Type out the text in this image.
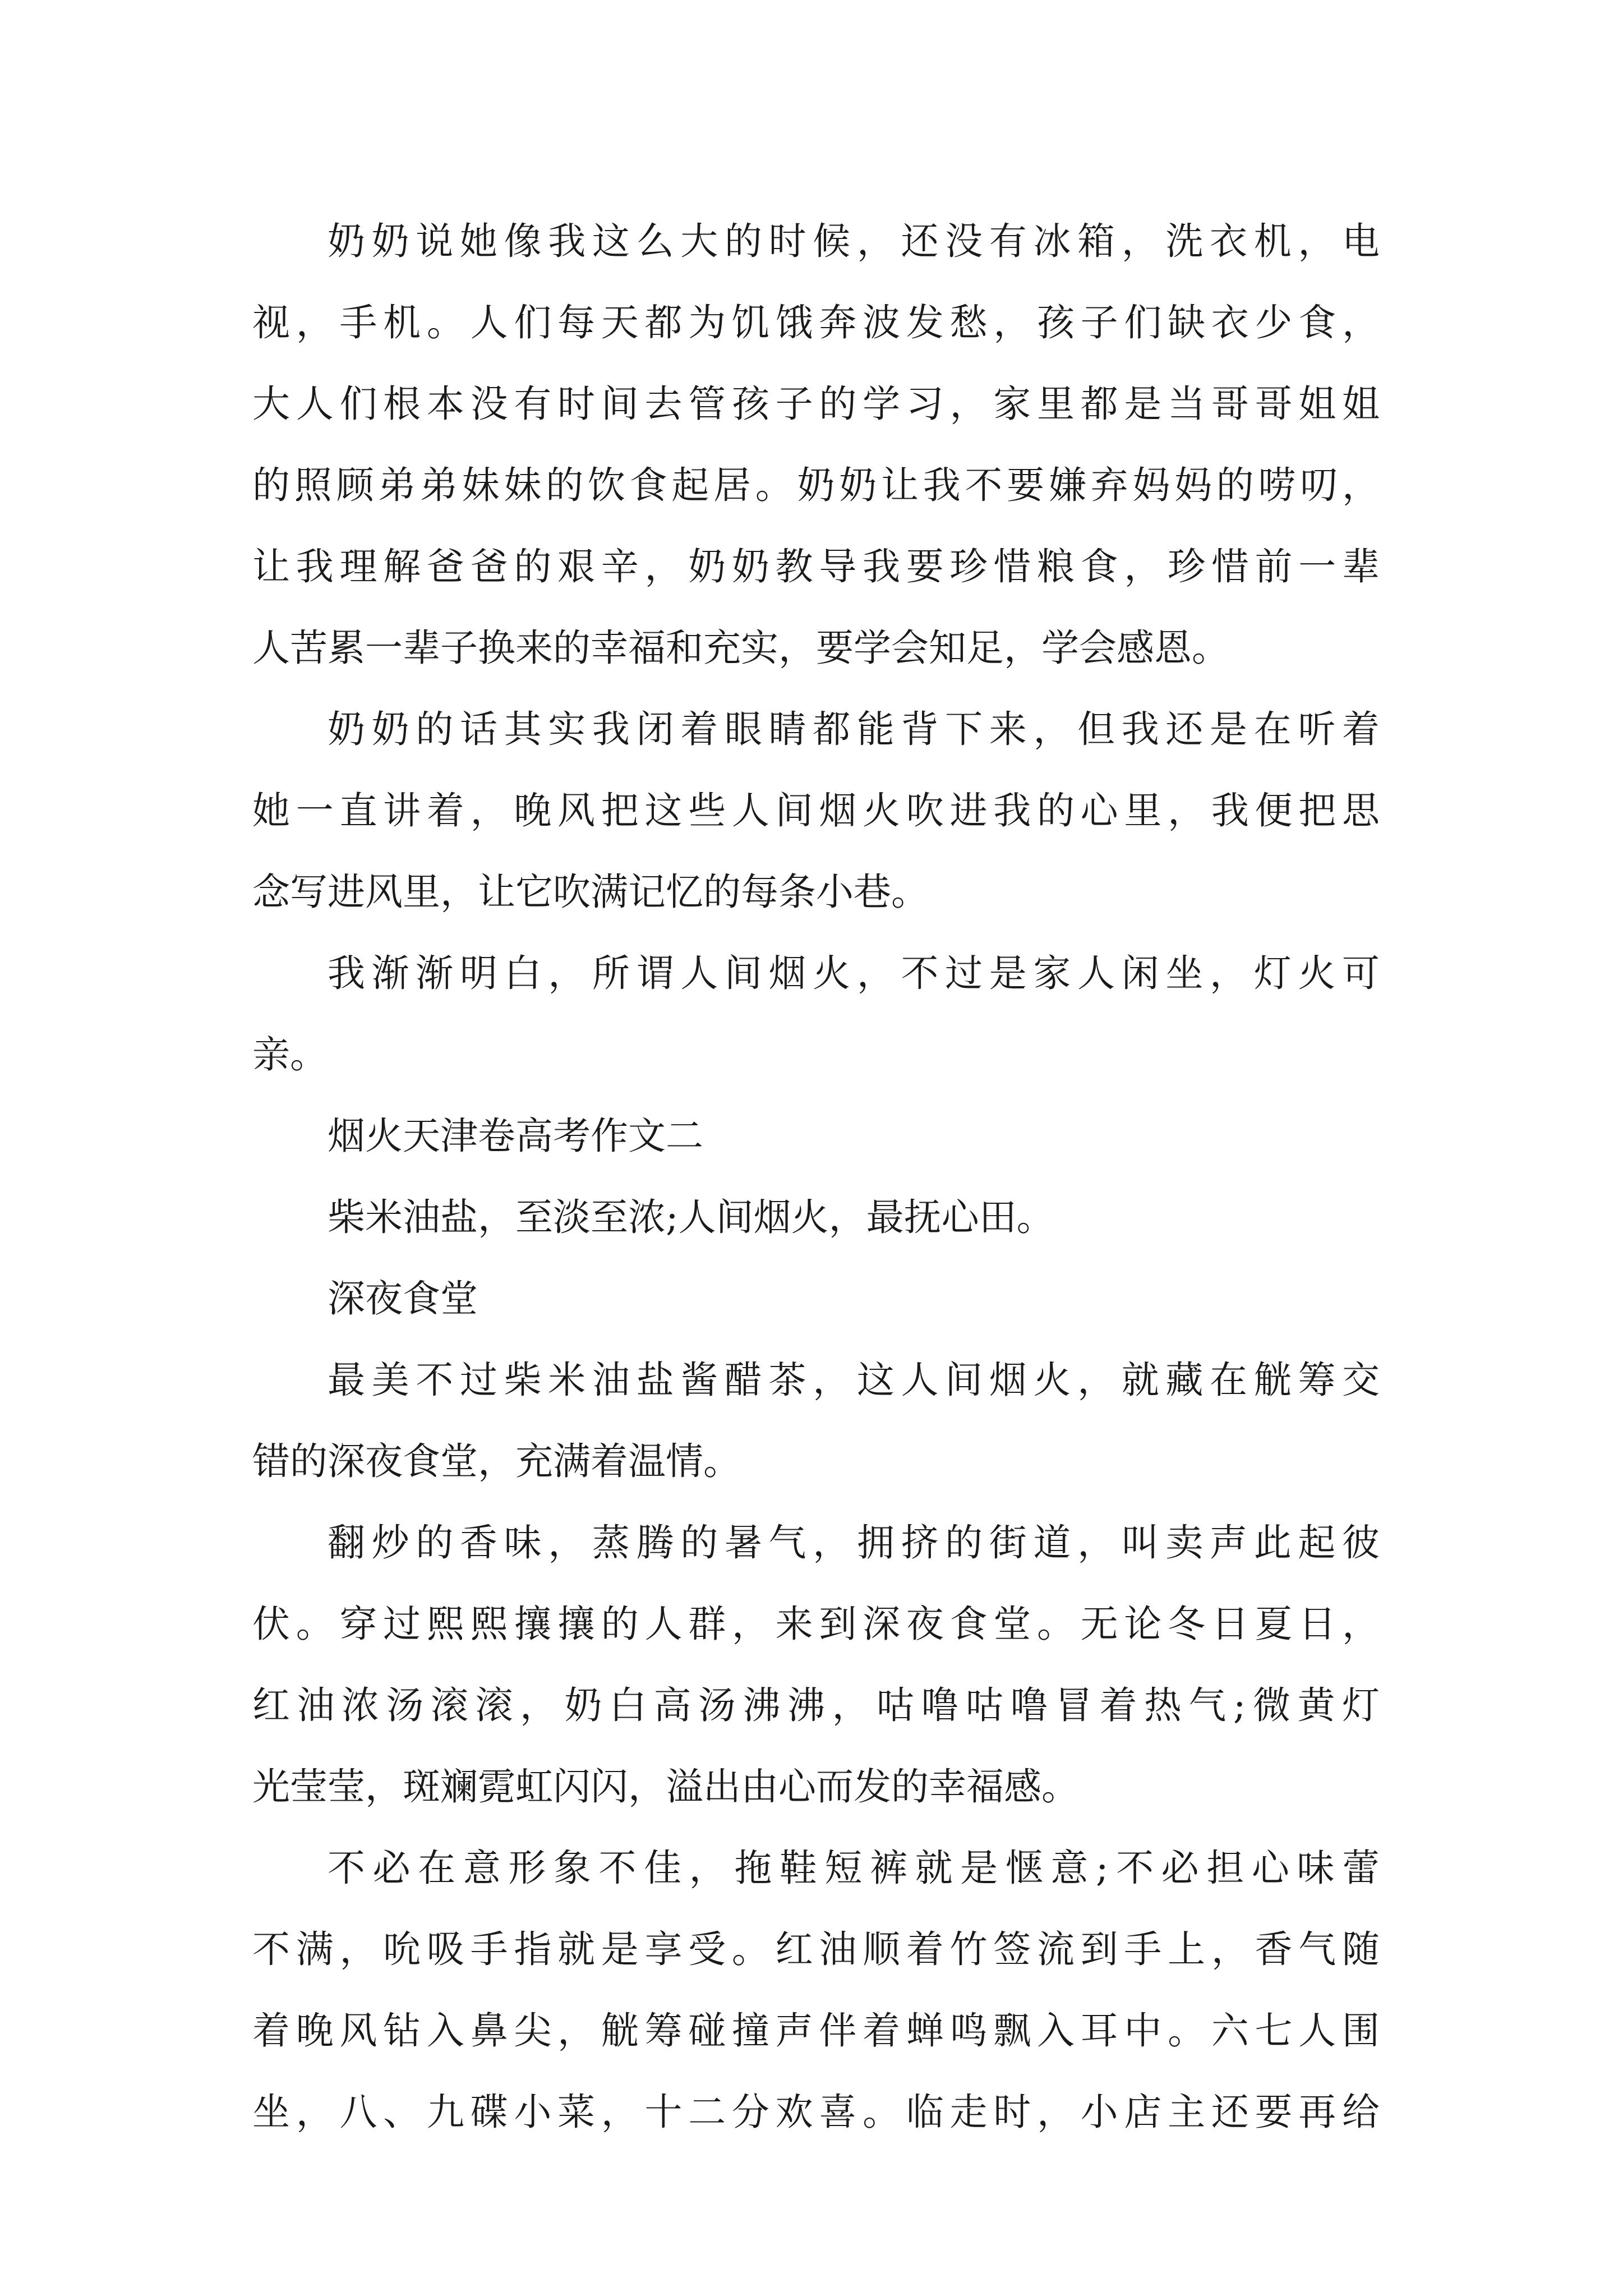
奶奶说她像我这么大的时候，还没有冰箱，洗衣机，电
视，手机。人们每天都为饥饿奔波发愁，孩子们缺衣少食，
大人们根本没有时间去管孩子的学习，家里都是当哥哥姐姐
的照顾弟弟妹妹的饮食起居。奶奶让我不要嫌弃妈妈的唠叨，
让我理解爸爸的艰辛，奶奶教导我要珍惜粮食，珍惜前一辈
人苦累一辈子换来的幸福和充实，要学会知足，学会感恩。
奶奶的话其实我闭着眼睛都能背下来，但我还是在听着
她一直讲着，晚风把这些人间烟火吹进我的心里，我便把思
念写进风里，让它吹满记忆的每条小巷。
我渐渐明白，所谓人间烟火，不过是家人闲坐，灯火可
亲。
烟火天津卷高考作文二
柴米油盐，至淡至浓;人间烟火，最抚心田。
深夜食堂
最美不过柴米油盐酱醋茶，这人间烟火，就藏在觥筹交
错的深夜食堂，充满着温情。
翻炒的香味，蒸腾的暑气，拥挤的街道，叫卖声此起彼
伏。穿过熙熙攘攘的人群，来到深夜食堂。无论冬日夏日，
红油浓汤滚滚，奶白高汤沸沸，咕噜咕噜冒着热气;微黄灯
光莹莹，斑斓霓虹闪闪，溢出由心而发的幸福感。
不必在意形象不佳，拖鞋短裤就是惬意;不必担心味蕾
不满，吮吸手指就是享受。红油顺着竹签流到手上，香气随
着晚风钻入鼻尖，觥筹碰撞声伴着蝉鸣飘入耳中。六七人围
坐，八、九碟小菜，十二分欢喜。临走时，小店主还要再给
